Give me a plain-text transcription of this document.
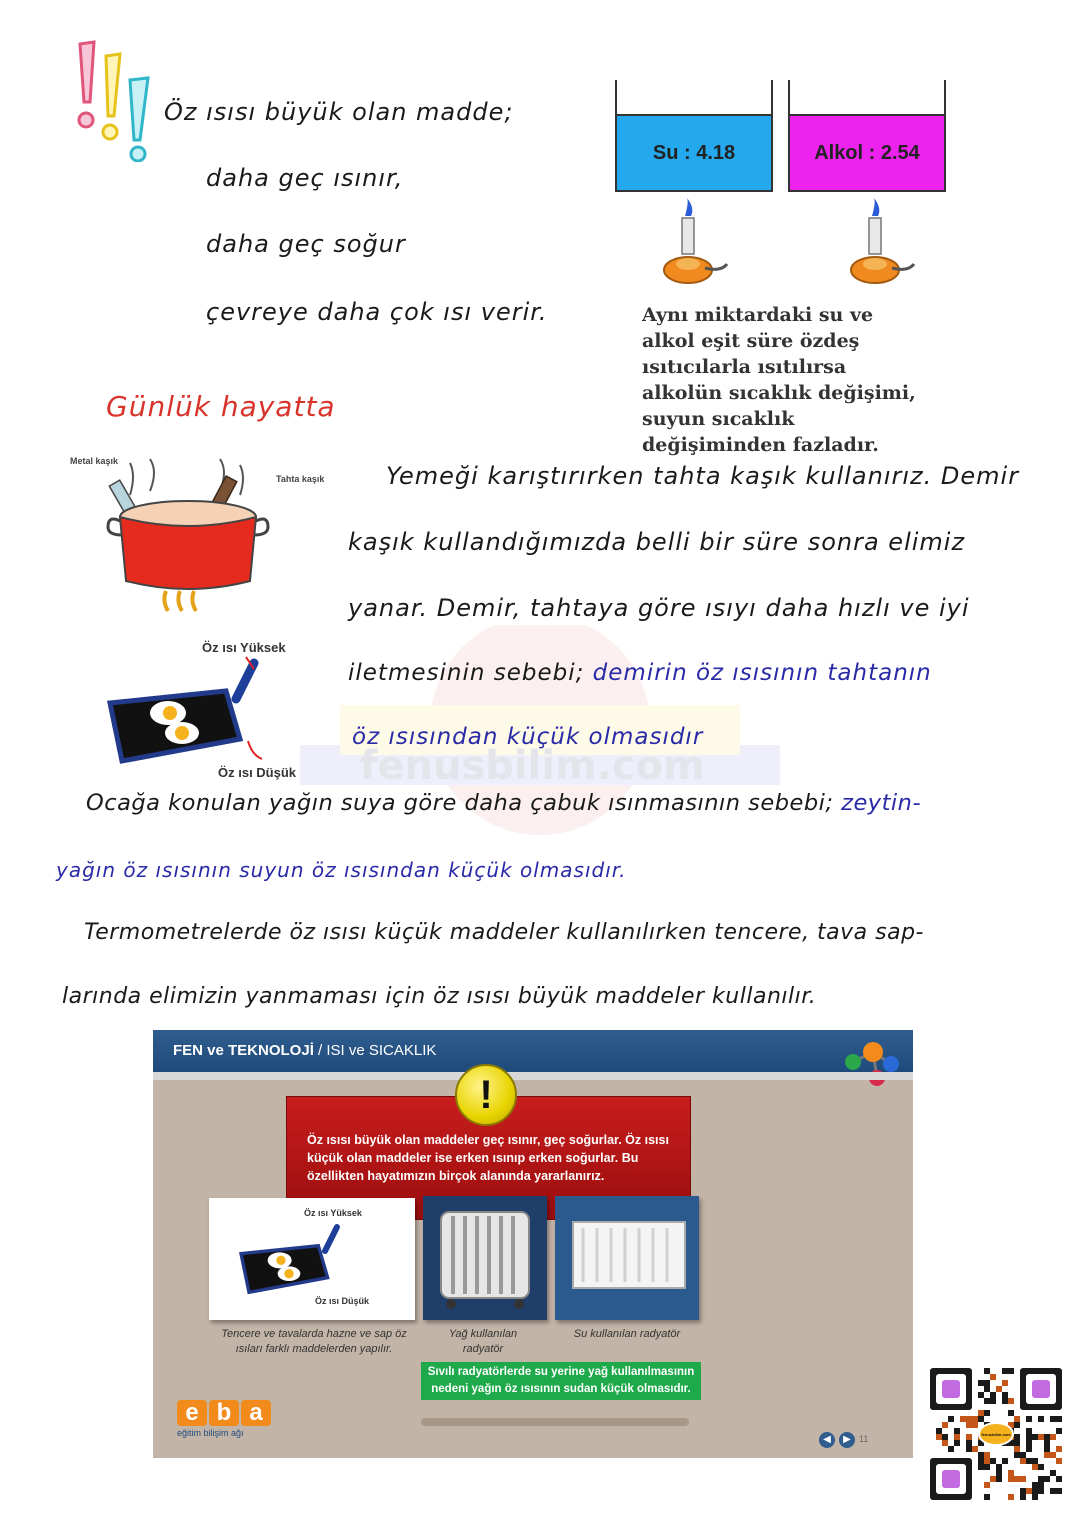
Öz ısısı büyük olan madde;
daha geç ısınır,
daha geç soğur
çevreye daha çok ısı verir.
Su : 4.18	Alkol : 2.54
Aynı miktardaki su ve alkol eşit süre özdeş ısıtıcılarla ısıtılırsa alkolün sıcaklık değişimi, suyun sıcaklık değişiminden fazladır.
Günlük hayatta
Metal kaşık
Tahta kaşık
Öz ısı Yüksek
Öz ısı Düşük fenusbilim.com
Yemeği karıştırırken tahta kaşık kullanırız. Demir
kaşık kullandığımızda belli bir süre sonra elimiz
yanar. Demir, tahtaya göre ısıyı daha hızlı ve iyi
iletmesinin sebebi; demirin öz ısısının tahtanın
öz ısısından küçük olmasıdır
Ocağa konulan yağın suya göre daha çabuk ısınmasının sebebi; zeytin-
yağın öz ısısının suyun öz ısısından küçük olmasıdır.
Termometrelerde öz ısısı küçük maddeler kullanılırken tencere, tava sap-
larında elimizin yanmaması için öz ısısı büyük maddeler kullanılır.
FEN ve TEKNOLOJİ / ISI ve SICAKLIK

Öz ısısı büyük olan maddeler geç ısınır, geç soğurlar. Öz ısısı küçük olan maddeler ise erken ısınıp erken soğurlar. Bu özellikten hayatımızın birçok alanında yararlanırız.

!
Öz ısı Yüksek
Öz ısı Düşük
Tencere ve tavalarda hazne ve sap öz ısıları farklı maddelerden yapılır.
Yağ kullanılan radyatör
Su kullanılan radyatör
Sıvılı radyatörlerde su yerine yağ kullanılmasının nedeni yağın öz ısısının sudan küçük olmasıdır.
e b a
eğitim bilişim ağı
◀	▶ 11	fenusbilim.com
